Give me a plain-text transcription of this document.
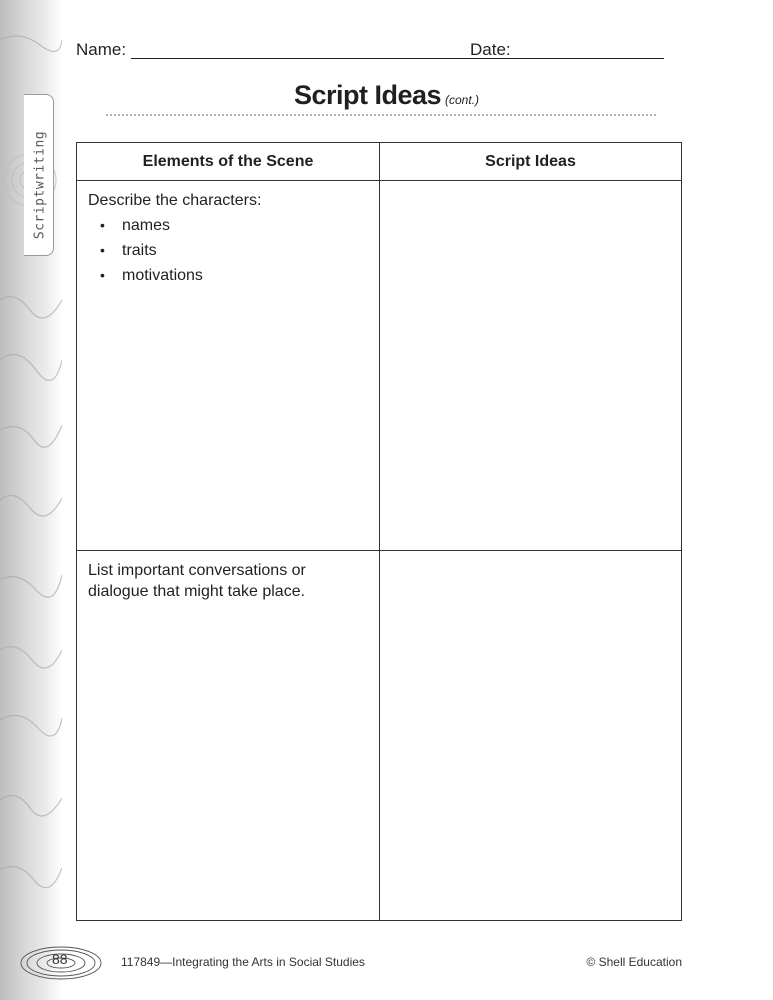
Scriptwriting
Name:	Date:
Script Ideas (cont.)
Elements of the Scene	Script Ideas
Describe the characters:
• names
• traits
• motivations
List important conversations or
dialogue that might take place.
88	117849—Integrating the Arts in Social Studies	© Shell Education
